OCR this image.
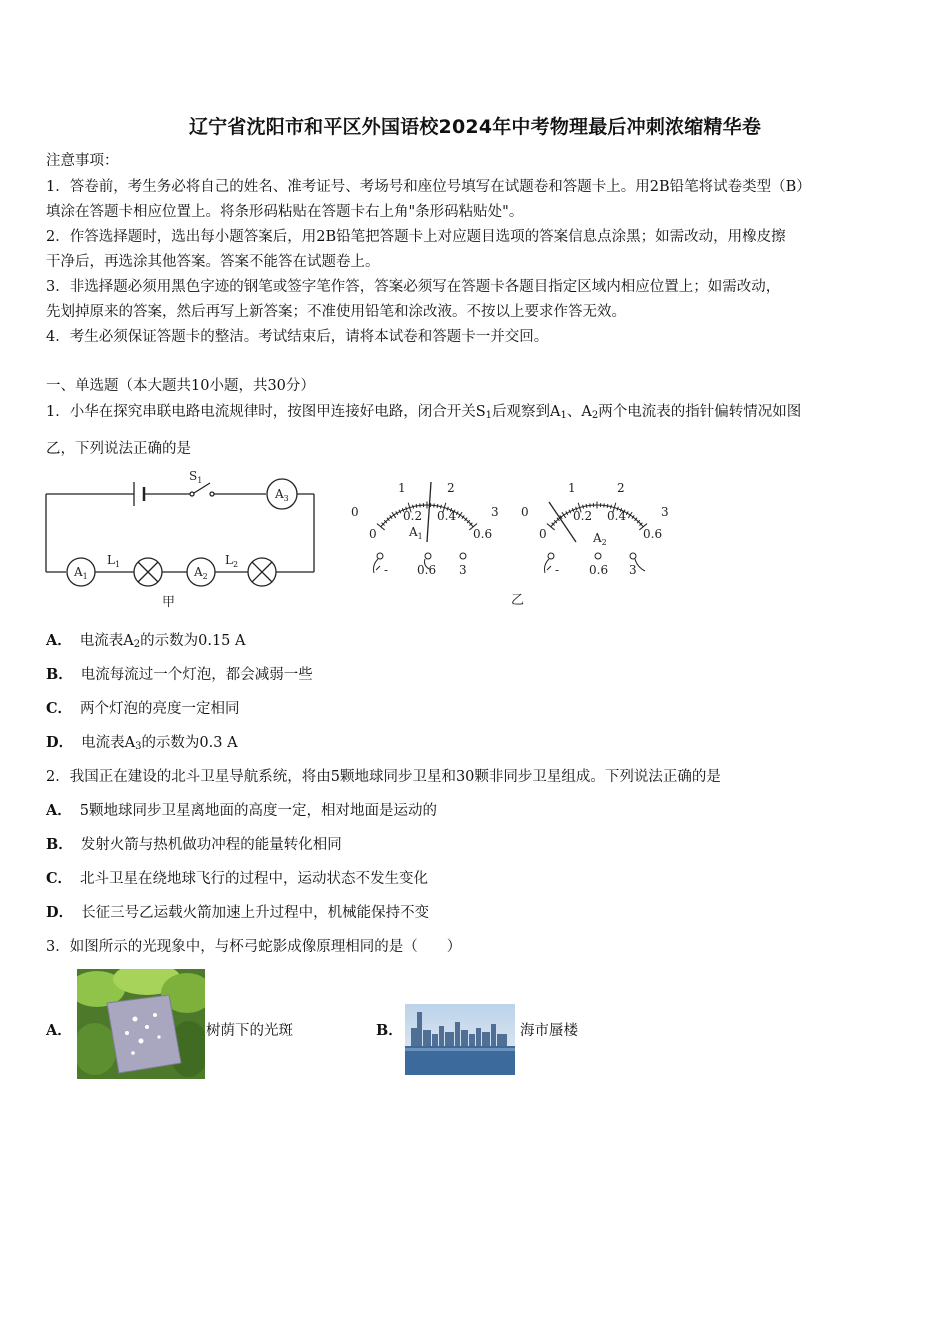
辽宁省沈阳市和平区外国语校2024年中考物理最后冲刺浓缩精华卷
注意事项：
1．答卷前，考生务必将自己的姓名、准考证号、考场号和座位号填写在试题卷和答题卡上。用2B铅笔将试卷类型（B）
填涂在答题卡相应位置上。将条形码粘贴在答题卡右上角"条形码粘贴处"。
2．作答选择题时，选出每小题答案后，用2B铅笔把答题卡上对应题目选项的答案信息点涂黑；如需改动，用橡皮擦
干净后，再选涂其他答案。答案不能答在试题卷上。
3．非选择题必须用黑色字迹的钢笔或签字笔作答，答案必须写在答题卡各题目指定区域内相应位置上；如需改动，
先划掉原来的答案，然后再写上新答案；不准使用铅笔和涂改液。不按以上要求作答无效。
4．考生必须保证答题卡的整洁。考试结束后，请将本试卷和答题卡一并交回。
一、单选题（本大题共10小题，共30分）
1．小华在探究串联电路电流规律时，按图甲连接好电路，闭合开关$S_1$后观察到$A_1$、$A_2$两个电流表的指针偏转情况如图
乙，下列说法正确的是
$S_1$
$A_3$
$A_1$	$A_2$
$L_1$	$L_2$
甲
0
1	2
3
0
0.2 0.4
0.6
$A_1$
- 0.6 3
0
1	2
3
0
0.2 0.4
0.6
$A_2$
- 0.6 3
乙
A． 电流表$A_2$的示数为0.15 A
B． 电流每流过一个灯泡，都会减弱一些
C． 两个灯泡的亮度一定相同
D． 电流表$A_3$的示数为0.3 A
2．我国正在建设的北斗卫星导航系统，将由5颗地球同步卫星和30颗非同步卫星组成。下列说法正确的是
A． 5颗地球同步卫星离地面的高度一定，相对地面是运动的
B． 发射火箭与热机做功冲程的能量转化相同
C． 北斗卫星在绕地球飞行的过程中，运动状态不发生变化
D． 长征三号乙运载火箭加速上升过程中，机械能保持不变
3．如图所示的光现象中，与杯弓蛇影成像原理相同的是（　　）
A．	树荫下的光斑	B．	海市蜃楼
